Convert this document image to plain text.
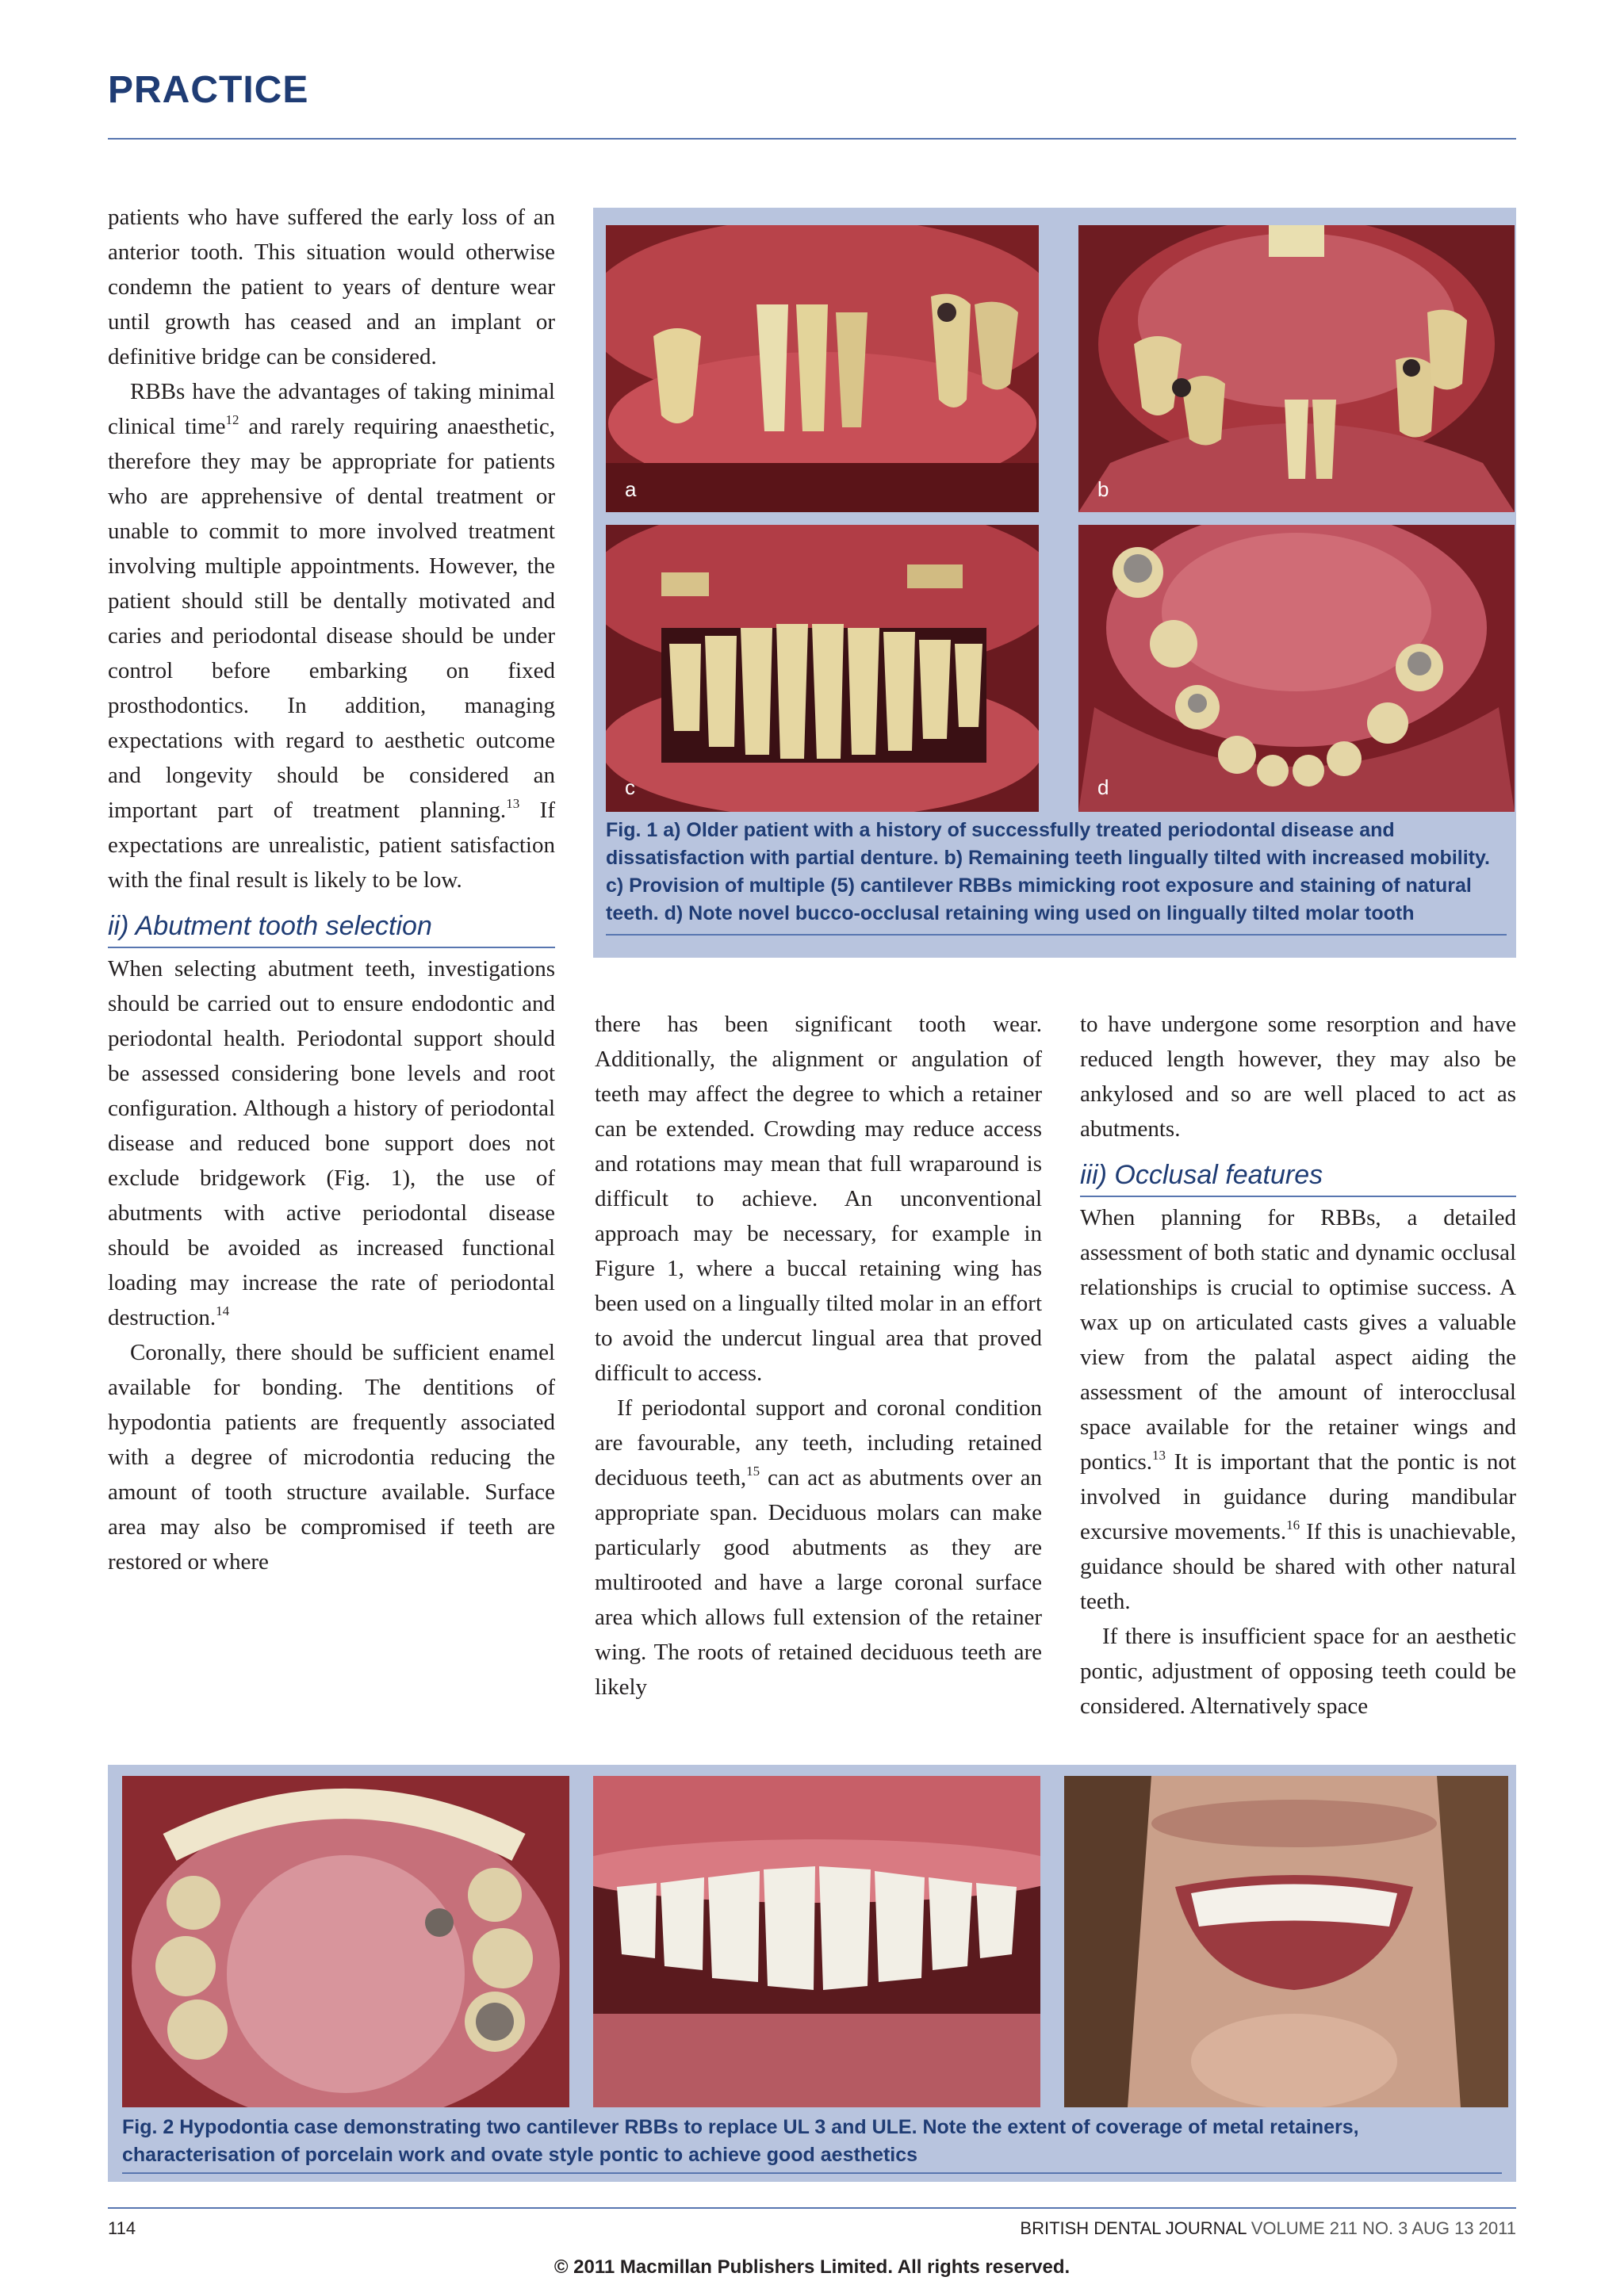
PRACTICE

patients who have suffered the early loss of an anterior tooth. This situation would otherwise condemn the patient to years of denture wear until growth has ceased and an implant or definitive bridge can be considered.

RBBs have the advantages of taking minimal clinical time$^{12}$ and rarely requiring anaesthetic, therefore they may be appropriate for patients who are apprehensive of dental treatment or unable to commit to more involved treatment involving multiple appointments. However, the patient should still be dentally motivated and caries and periodontal disease should be under control before embarking on fixed prosthodontics. In addition, managing expectations with regard to aesthetic outcome and longevity should be considered an important part of treatment planning.$^{13}$ If expectations are unrealistic, patient satisfaction with the final result is likely to be low.

ii) Abutment tooth selection

When selecting abutment teeth, investigations should be carried out to ensure endodontic and periodontal health. Periodontal support should be assessed considering bone levels and root configuration. Although a history of periodontal disease and reduced bone support does not exclude bridgework (Fig. 1), the use of abutments with active periodontal disease should be avoided as increased functional loading may increase the rate of periodontal destruction.$^{14}$

Coronally, there should be sufficient enamel available for bonding. The dentitions of hypodontia patients are frequently associated with a degree of microdontia reducing the amount of tooth structure available. Surface area may also be compromised if teeth are restored or where

a	b
c	d
Fig. 1 a) Older patient with a history of successfully treated periodontal disease and dissatisfaction with partial denture. b) Remaining teeth lingually tilted with increased mobility. c) Provision of multiple (5) cantilever RBBs mimicking root exposure and staining of natural teeth. d) Note novel bucco-occlusal retaining wing used on lingually tilted molar tooth

there has been significant tooth wear. Additionally, the alignment or angulation of teeth may affect the degree to which a retainer can be extended. Crowding may reduce access and rotations may mean that full wraparound is difficult to achieve. An unconventional approach may be necessary, for example in Figure 1, where a buccal retaining wing has been used on a lingually tilted molar in an effort to avoid the undercut lingual area that proved difficult to access.

If periodontal support and coronal condition are favourable, any teeth, including retained deciduous teeth,$^{15}$ can act as abutments over an appropriate span. Deciduous molars can make particularly good abutments as they are multirooted and have a large coronal surface area which allows full extension of the retainer wing. The roots of retained deciduous teeth are likely

to have undergone some resorption and have reduced length however, they may also be ankylosed and so are well placed to act as abutments.

iii) Occlusal features

When planning for RBBs, a detailed assessment of both static and dynamic occlusal relationships is crucial to optimise success. A wax up on articulated casts gives a valuable view from the palatal aspect aiding the assessment of the amount of interocclusal space available for the retainer wings and pontics.$^{13}$ It is important that the pontic is not involved in guidance during mandibular excursive movements.$^{16}$ If this is unachievable, guidance should be shared with other natural teeth.

If there is insufficient space for an aesthetic pontic, adjustment of opposing teeth could be considered. Alternatively space

Fig. 2 Hypodontia case demonstrating two cantilever RBBs to replace UL 3 and ULE. Note the extent of coverage of metal retainers, characterisation of porcelain work and ovate style pontic to achieve good aesthetics
114	BRITISH DENTAL JOURNAL VOLUME 211 NO. 3 AUG 13 2011
© 2011 Macmillan Publishers Limited. All rights reserved.
